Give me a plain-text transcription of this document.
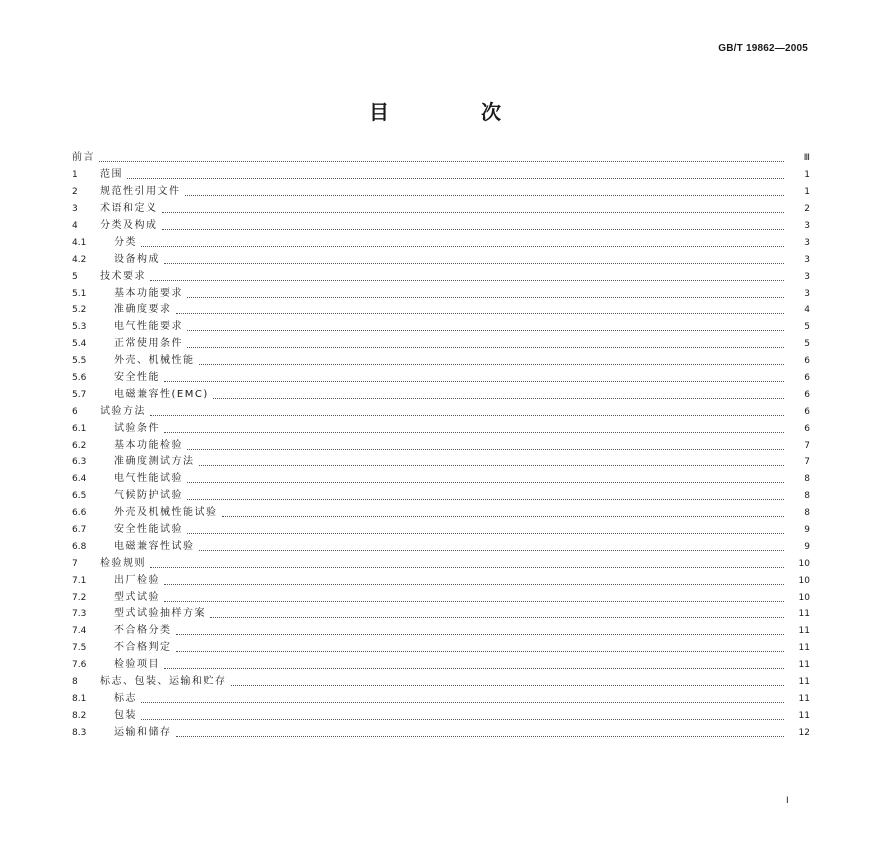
GB/T 19862—2005
目　次
前言	Ⅲ
1	范围	1
2	规范性引用文件	1
3	术语和定义	2
4	分类及构成	3
4.1	分类	3
4.2	设备构成	3
5	技术要求	3
5.1	基本功能要求	3
5.2	准确度要求	4
5.3	电气性能要求	5
5.4	正常使用条件	5
5.5	外壳、机械性能	6
5.6	安全性能	6
5.7	电磁兼容性(EMC)	6
6	试验方法	6
6.1	试验条件	6
6.2	基本功能检验	7
6.3	准确度测试方法	7
6.4	电气性能试验	8
6.5	气候防护试验	8
6.6	外壳及机械性能试验	8
6.7	安全性能试验	9
6.8	电磁兼容性试验	9
7	检验规则	10
7.1	出厂检验	10
7.2	型式试验	10
7.3	型式试验抽样方案	11
7.4	不合格分类	11
7.5	不合格判定	11
7.6	检验项目	11
8	标志、包装、运输和贮存	11
8.1	标志	11
8.2	包装	11
8.3	运输和储存	12
Ⅰ
